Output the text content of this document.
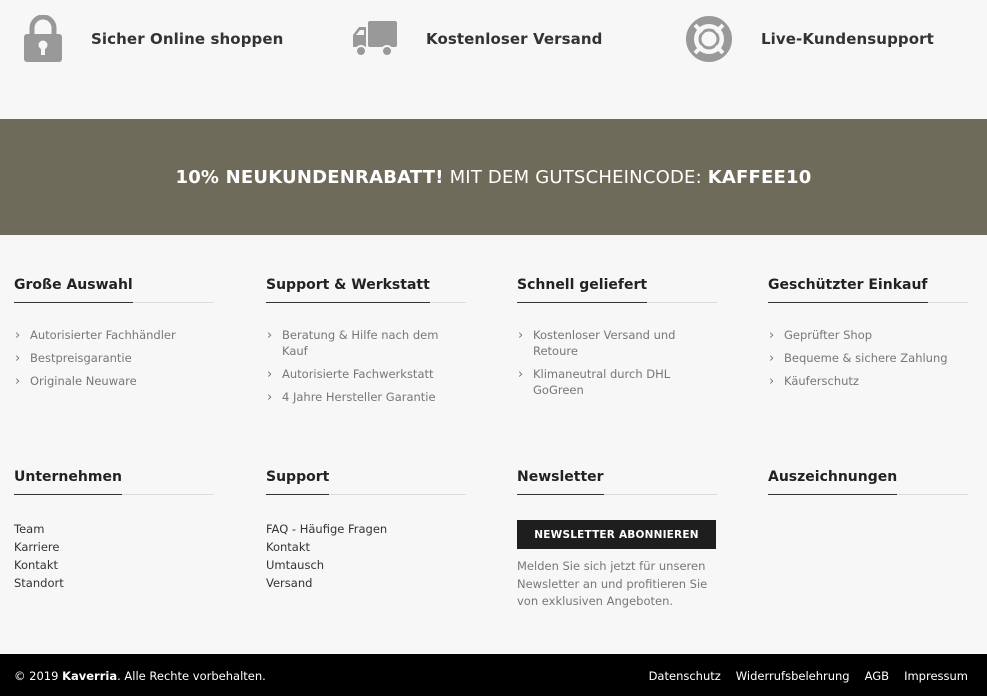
Sicher Online shoppen	Kostenloser Versand	Live-Kundensupport
10% NEUKUNDENRABATT! MIT DEM GUTSCHEINCODE: KAFFEE10
Große Auswahl
› Autorisierter Fachhändler
› Bestpreisgarantie
› Originale Neuware
Support & Werkstatt
› Beratung & Hilfe nach dem Kauf
› Autorisierte Fachwerkstatt
› 4 Jahre Hersteller Garantie
Schnell geliefert
› Kostenloser Versand und Retoure
› Klimaneutral durch DHL GoGreen
Geschützter Einkauf
› Geprüfter Shop
› Bequeme & sichere Zahlung
› Käuferschutz
Unternehmen
Team
Karriere
Kontakt
Standort
Support
FAQ - Häufige Fragen
Kontakt
Umtausch
Versand
Newsletter
NEWSLETTER ABONNIEREN

Melden Sie sich jetzt für unseren Newsletter an und profitieren Sie von exklusiven Angeboten.

Auszeichnungen
© 2019 Kaverria. Alle Rechte vorbehalten.	Datenschutz Widerrufsbelehrung AGB Impressum
